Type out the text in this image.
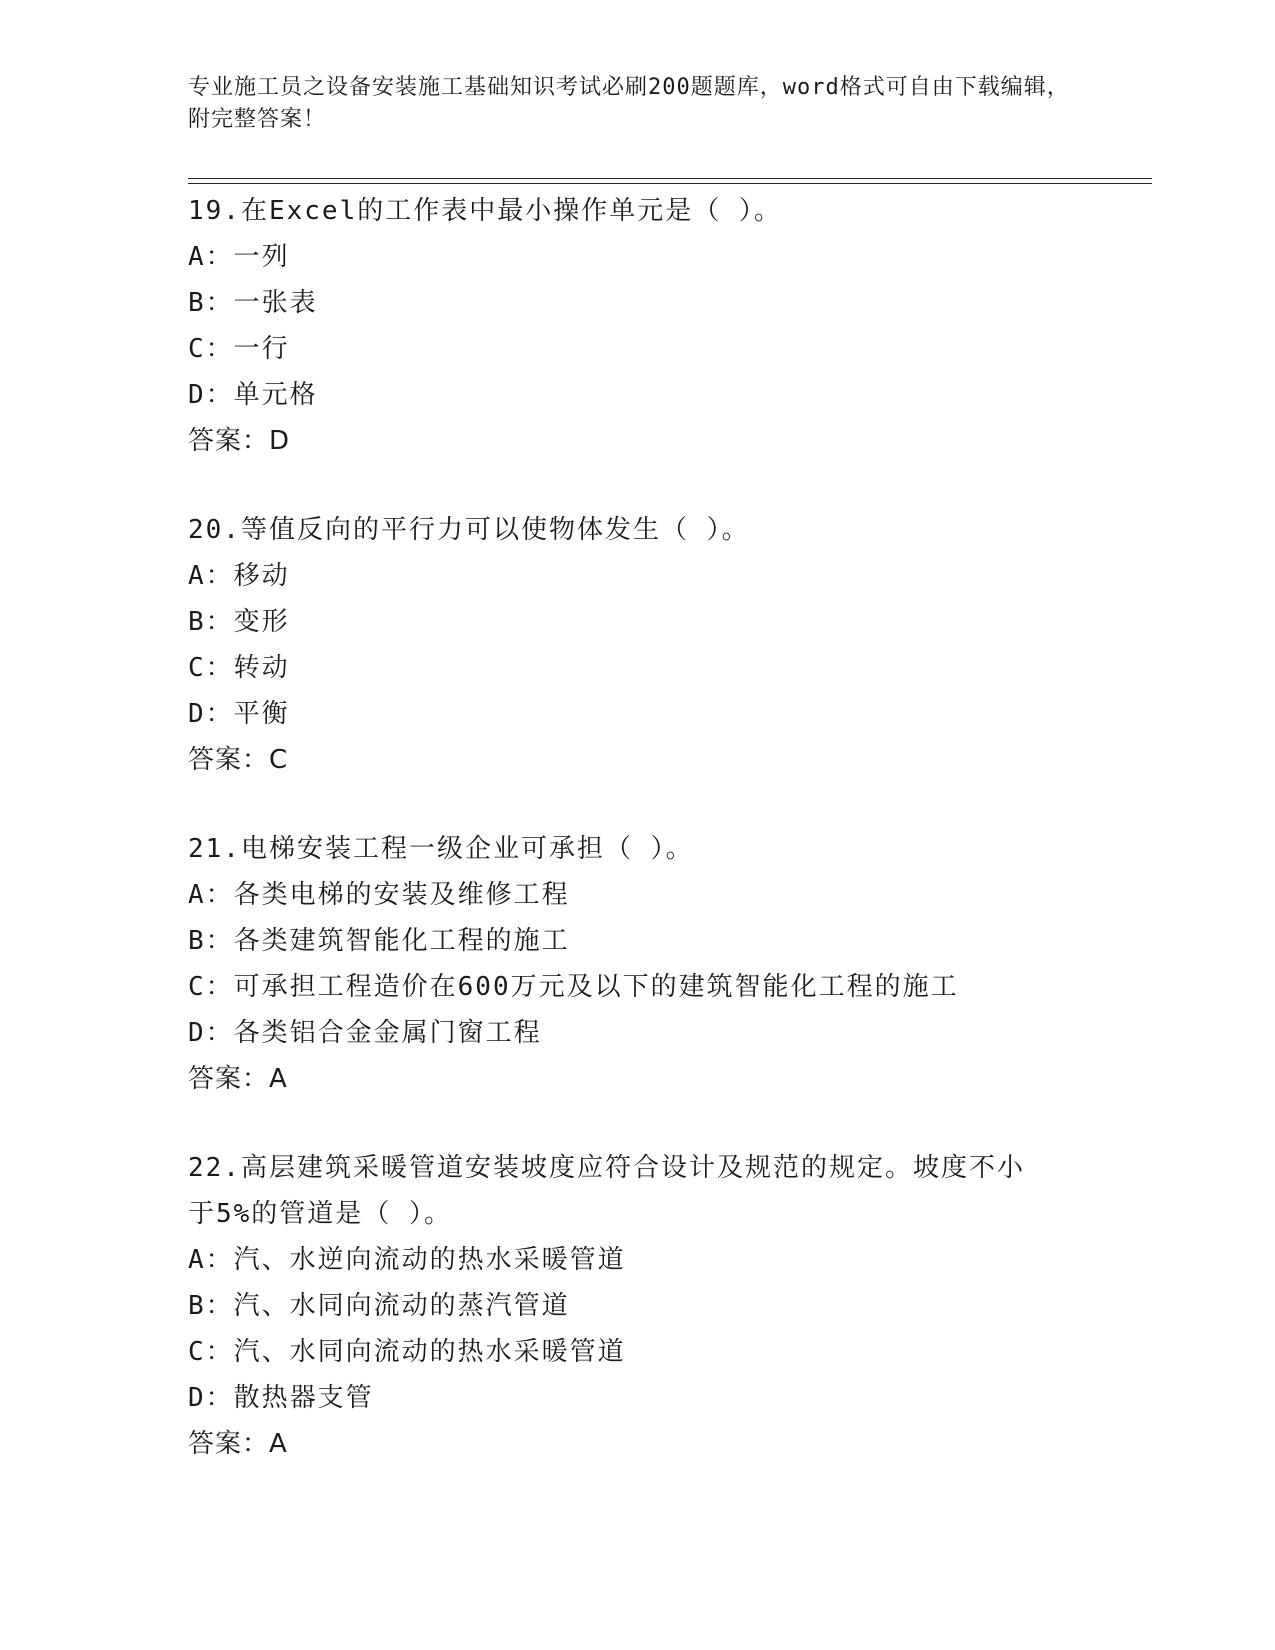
专业施工员之设备安装施工基础知识考试必刷200题题库，word格式可自由下载编辑，附完整答案！
19.在Excel的工作表中最小操作单元是（ ）。
A：一列
B：一张表
C：一行
D：单元格
答案：D
20.等值反向的平行力可以使物体发生（ ）。
A：移动
B：变形
C：转动
D：平衡
答案：C
21.电梯安装工程一级企业可承担（ ）。
A：各类电梯的安装及维修工程
B：各类建筑智能化工程的施工
C：可承担工程造价在600万元及以下的建筑智能化工程的施工
D：各类铝合金金属门窗工程
答案：A
22.高层建筑采暖管道安装坡度应符合设计及规范的规定。坡度不小于5%的管道是（ ）。
A：汽、水逆向流动的热水采暖管道
B：汽、水同向流动的蒸汽管道
C：汽、水同向流动的热水采暖管道
D：散热器支管
答案：A
